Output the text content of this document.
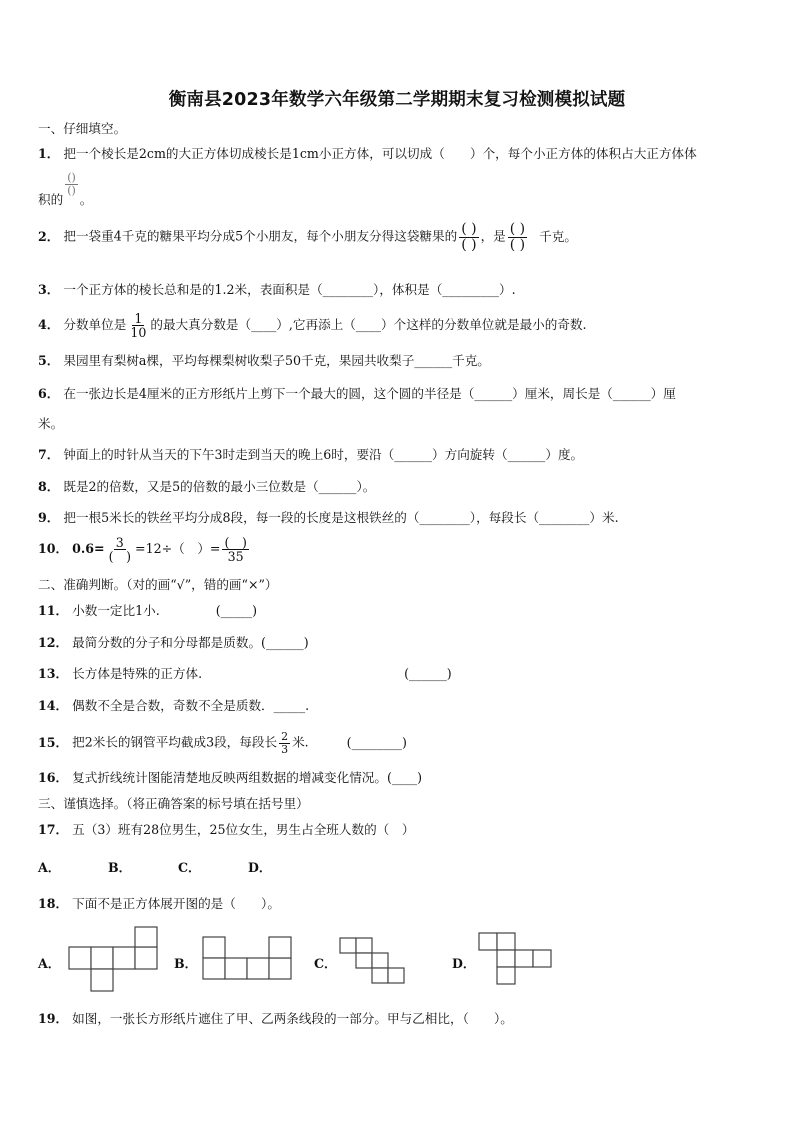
衡南县2023年数学六年级第二学期期末复习检测模拟试题
一、仔细填空。
1． 把一个棱长是2cm的大正方体切成棱长是1cm小正方体，可以切成（　　）个，每个小正方体的体积占大正方体体
积的
$\frac{()}{()}$
。
2． 把一袋重4千克的糖果平均分成5个小朋友，每个小朋友分得这袋糖果的 $\frac{( )}{( )}$ ，是 $\frac{( )}{( )}$ 千克。
3． 一个正方体的棱长总和是的1.2米，表面积是（________），体积是（_________）.
4． 分数单位是 $\frac{1}{10}$ 的最大真分数是（____）,它再添上（____）个这样的分数单位就是最小的奇数.
5． 果园里有梨树a棵，平均每棵梨树收梨子50千克，果园共收梨子______千克。
6． 在一张边长是4厘米的正方形纸片上剪下一个最大的圆，这个圆的半径是（______）厘米，周长是（______）厘
米。
7． 钟面上的时针从当天的下午3时走到当天的晚上6时，要沿（______）方向旋转（______）度。
8． 既是2的倍数，又是5的倍数的最小三位数是（______）。
9． 把一根5米长的铁丝平均分成8段，每一段的长度是这根铁丝的（________），每段长（________）米.
10． $0.6= \frac{3}{( )} =12\div$（　）= $\frac{( )}{35}$
二、准确判断。（对的画“√”，错的画“×”）
11． 小数一定比1小.	(_____)
12． 最简分数的分子和分母都是质数。(______)
13． 长方体是特殊的正方体.	(______)
14． 偶数不全是合数，奇数不全是质数．_____.
15． 把2米长的钢管平均截成3段，每段长 $\frac{2}{3}$ 米.	(________)
16． 复式折线统计图能清楚地反映两组数据的增减变化情况。(____)
三、谨慎选择。（将正确答案的标号填在括号里）
17． 五（3）班有28位男生，25位女生，男生占全班人数的（　）
A．	B．	C．	D．
18． 下面不是正方体展开图的是（　　）。
A．	B．	C．	D．
19． 如图，一张长方形纸片遮住了甲、乙两条线段的一部分。甲与乙相比，（　　）。
